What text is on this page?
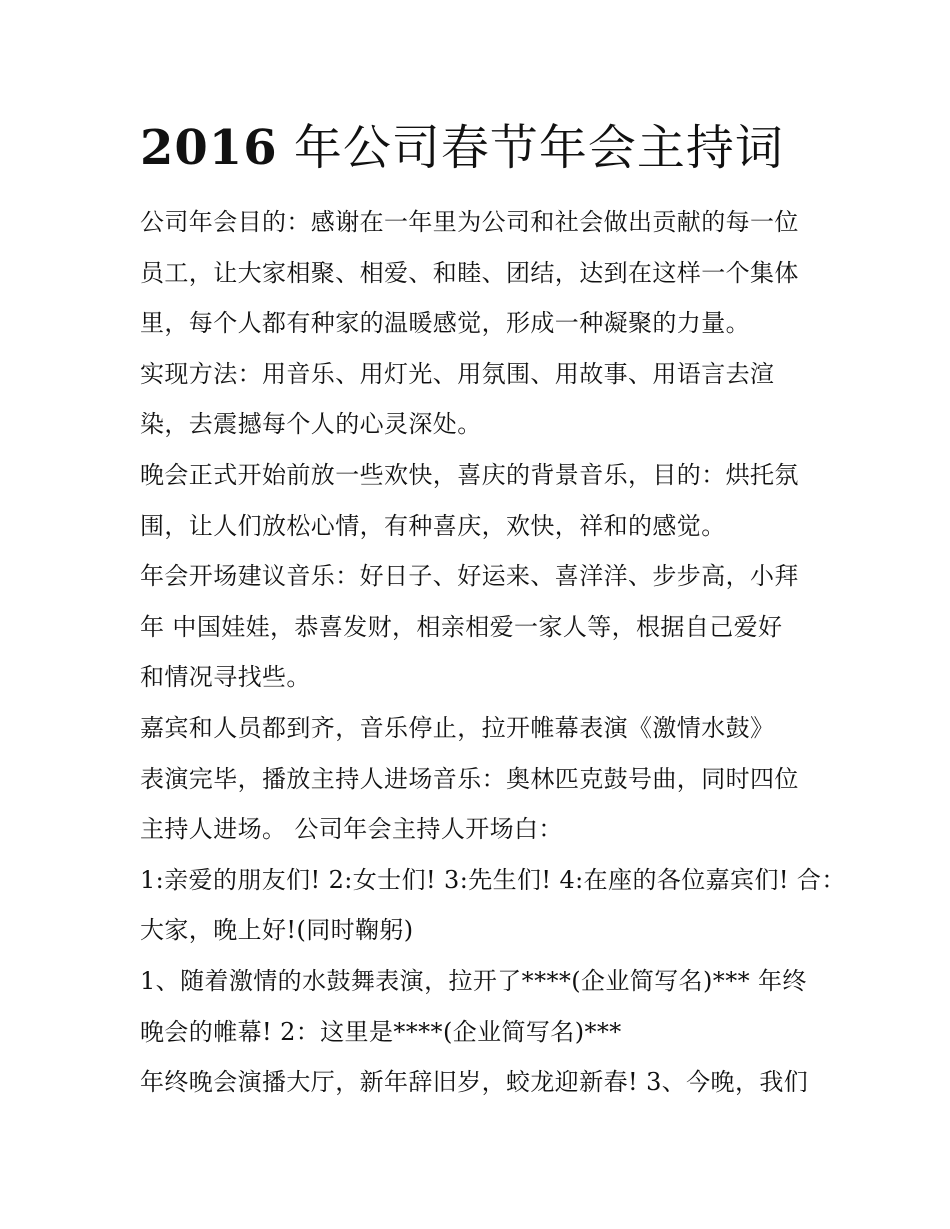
2016 年公司春节年会主持词
公司年会目的：感谢在一年里为公司和社会做出贡献的每一位
员工，让大家相聚、相爱、和睦、团结，达到在这样一个集体
里，每个人都有种家的温暖感觉，形成一种凝聚的力量。
实现方法：用音乐、用灯光、用氛围、用故事、用语言去渲
染，去震撼每个人的心灵深处。
晚会正式开始前放一些欢快，喜庆的背景音乐，目的：烘托氛
围，让人们放松心情，有种喜庆，欢快，祥和的感觉。
年会开场建议音乐：好日子、好运来、喜洋洋、步步高，小拜
年 中国娃娃，恭喜发财，相亲相爱一家人等，根据自己爱好
和情况寻找些。
嘉宾和人员都到齐，音乐停止，拉开帷幕表演《激情水鼓》
表演完毕，播放主持人进场音乐：奥林匹克鼓号曲，同时四位
主持人进场。 公司年会主持人开场白：
1:亲爱的朋友们! 2:女士们! 3:先生们! 4:在座的各位嘉宾们! 合：
大家，晚上好!(同时鞠躬)
1、随着激情的水鼓舞表演，拉开了****(企业简写名)*** 年终
晚会的帷幕! 2：这里是****(企业简写名)***
年终晚会演播大厅，新年辞旧岁，蛟龙迎新春! 3、今晚，我们
